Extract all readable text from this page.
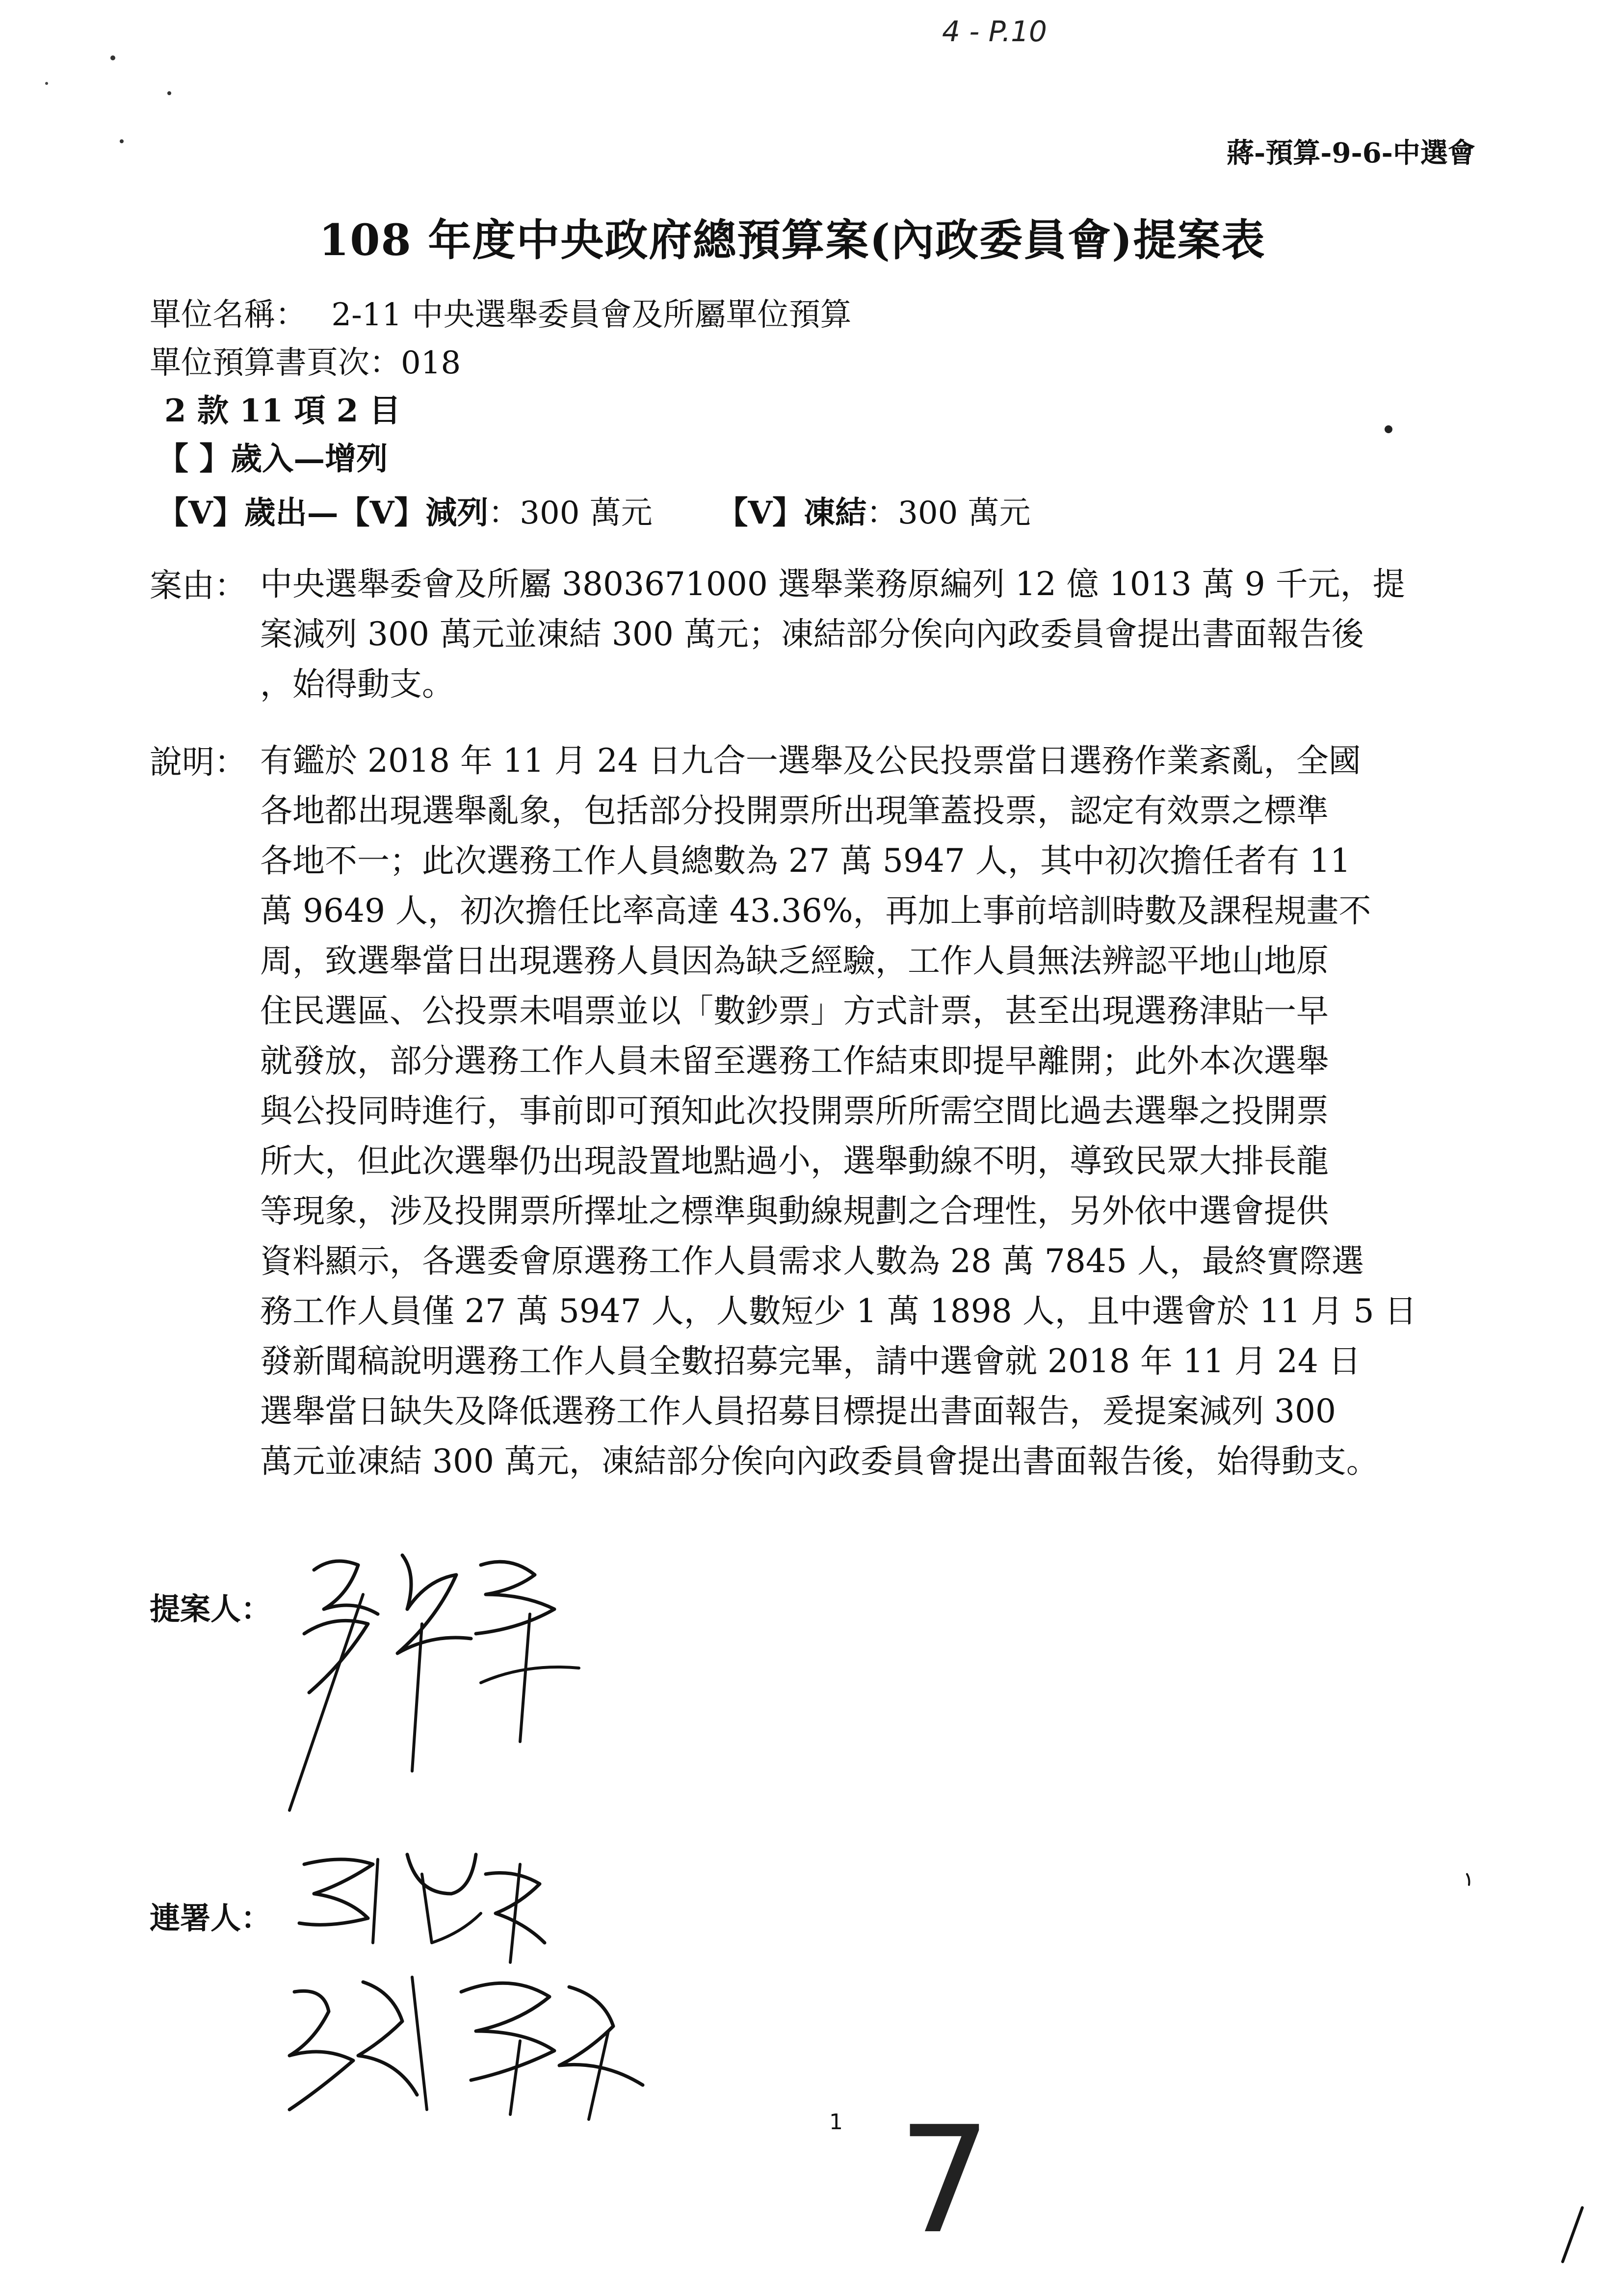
4 - P.10
蔣-預算-9-6-中選會
108 年度中央政府總預算案(內政委員會)提案表
單位名稱： 2-11 中央選舉委員會及所屬單位預算
單位預算書頁次：018
2 款 11 項 2 目
【 】歲入—增列
【V】歲出—【V】減列：300 萬元 【V】凍結：300 萬元
案由： 中央選舉委會及所屬 3803671000 選舉業務原編列 12 億 1013 萬 9 千元，提
案減列 300 萬元並凍結 300 萬元；凍結部分俟向內政委員會提出書面報告後
，始得動支。
說明： 有鑑於 2018 年 11 月 24 日九合一選舉及公民投票當日選務作業紊亂，全國
各地都出現選舉亂象，包括部分投開票所出現筆蓋投票，認定有效票之標準
各地不一；此次選務工作人員總數為 27 萬 5947 人，其中初次擔任者有 11
萬 9649 人，初次擔任比率高達 43.36%，再加上事前培訓時數及課程規畫不
周，致選舉當日出現選務人員因為缺乏經驗，工作人員無法辨認平地山地原
住民選區、公投票未唱票並以「數鈔票」方式計票，甚至出現選務津貼一早
就發放，部分選務工作人員未留至選務工作結束即提早離開；此外本次選舉
與公投同時進行，事前即可預知此次投開票所所需空間比過去選舉之投開票
所大，但此次選舉仍出現設置地點過小，選舉動線不明，導致民眾大排長龍
等現象，涉及投開票所擇址之標準與動線規劃之合理性，另外依中選會提供
資料顯示，各選委會原選務工作人員需求人數為 28 萬 7845 人，最終實際選
務工作人員僅 27 萬 5947 人，人數短少 1 萬 1898 人，且中選會於 11 月 5 日
發新聞稿說明選務工作人員全數招募完畢，請中選會就 2018 年 11 月 24 日
選舉當日缺失及降低選務工作人員招募目標提出書面報告，爰提案減列 300
萬元並凍結 300 萬元，凍結部分俟向內政委員會提出書面報告後，始得動支。
提案人：
連署人：
1 7
